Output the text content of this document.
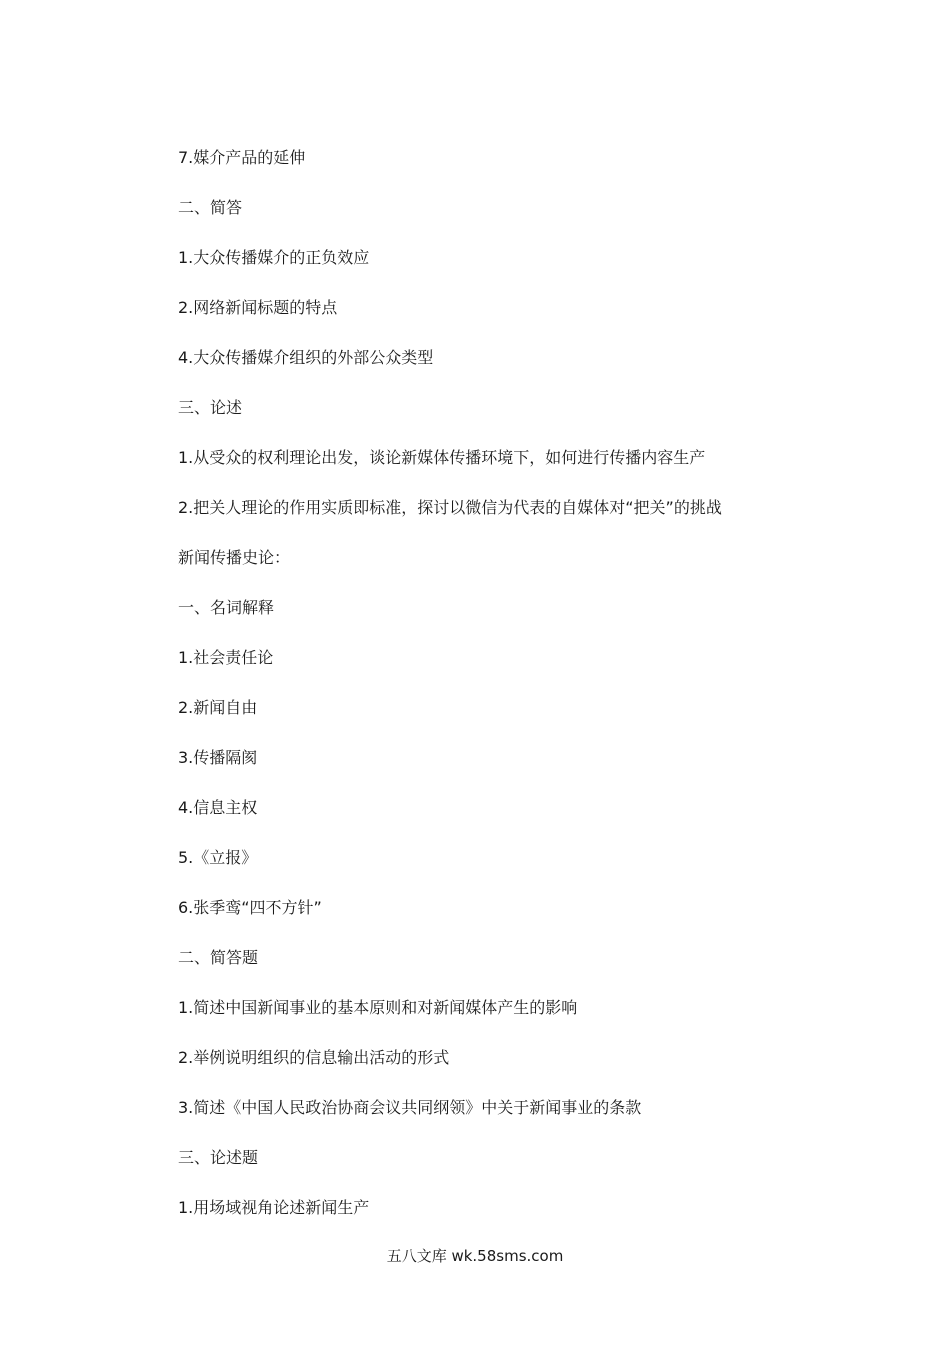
7.媒介产品的延伸
二、简答
1.大众传播媒介的正负效应
2.网络新闻标题的特点
4.大众传播媒介组织的外部公众类型
三、论述
1.从受众的权利理论出发，谈论新媒体传播环境下，如何进行传播内容生产
2.把关人理论的作用实质即标准，探讨以微信为代表的自媒体对“把关”的挑战
新闻传播史论：
一、名词解释
1.社会责任论
2.新闻自由
3.传播隔阂
4.信息主权
5.《立报》
6.张季鸾“四不方针”
二、简答题
1.简述中国新闻事业的基本原则和对新闻媒体产生的影响
2.举例说明组织的信息输出活动的形式
3.简述《中国人民政治协商会议共同纲领》中关于新闻事业的条款
三、论述题
1.用场域视角论述新闻生产
五八文库 wk.58sms.com
